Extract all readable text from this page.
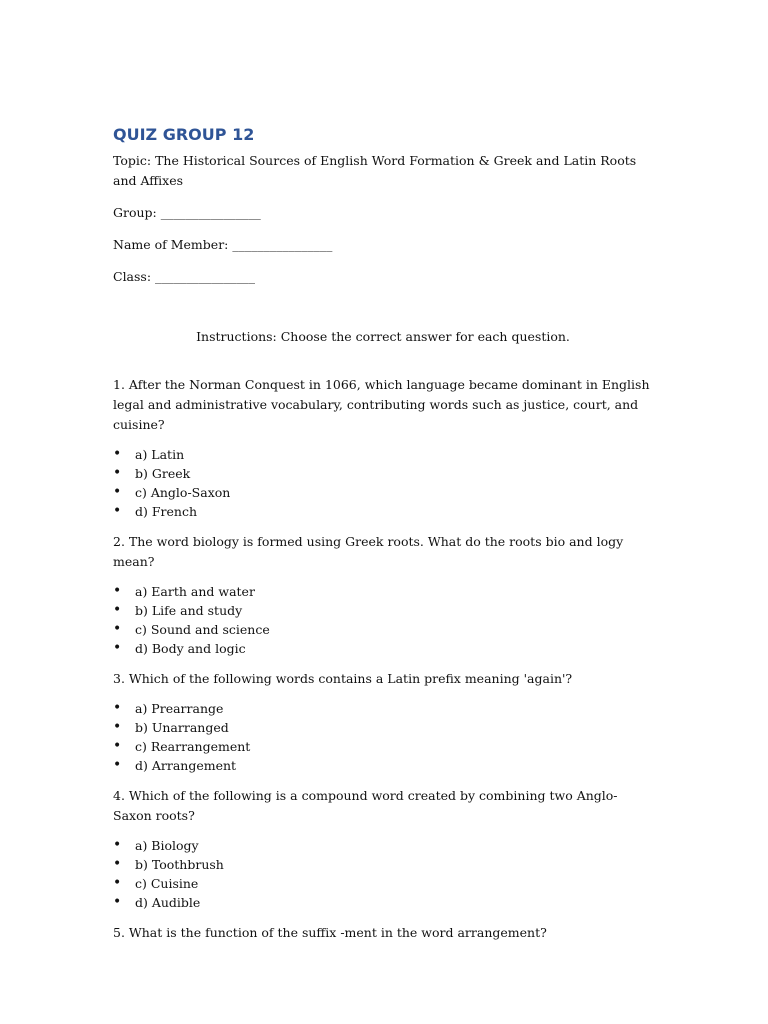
QUIZ GROUP 12

Topic: The Historical Sources of English Word Formation & Greek and Latin Roots and Affixes

Group: ________________

Name of Member: ________________

Class: ________________

Instructions: Choose the correct answer for each question.

1. After the Norman Conquest in 1066, which language became dominant in English legal and administrative vocabulary, contributing words such as justice, court, and cuisine?

• a) Latin
• b) Greek
• c) Anglo-Saxon
• d) French

2. The word biology is formed using Greek roots. What do the roots bio and logy mean?

• a) Earth and water
• b) Life and study
• c) Sound and science
• d) Body and logic

3. Which of the following words contains a Latin prefix meaning 'again'?

• a) Prearrange
• b) Unarranged
• c) Rearrangement
• d) Arrangement

4. Which of the following is a compound word created by combining two Anglo-Saxon roots?

• a) Biology
• b) Toothbrush
• c) Cuisine
• d) Audible

5. What is the function of the suffix -ment in the word arrangement?
